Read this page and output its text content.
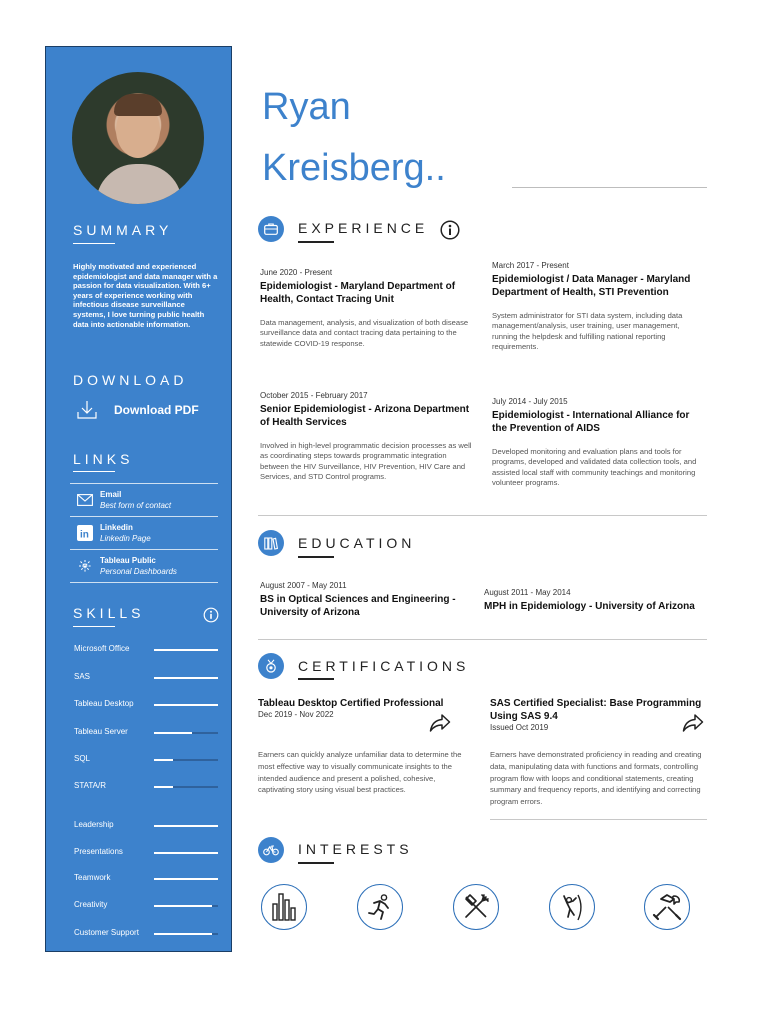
SUMMARY
Highly motivated and experienced epidemiologist and data manager with a passion for data visualization. With 6+ years of experience working with infectious disease surveillance systems, I love turning public health data into actionable information.
DOWNLOAD
Download PDF
LINKS
Email
Best form of contact
in
Linkedin
Linkedin Page
Tableau Public
Personal Dashboards
SKILLS
Microsoft Office
SAS
Tableau Desktop
Tableau Server
SQL
STATA/R
Leadership
Presentations
Teamwork
Creativity
Customer Support
Ryan
Kreisberg..
EXPERIENCE
June 2020 - Present
Epidemiologist - Maryland Department of Health, Contact Tracing Unit
Data management, analysis, and visualization of both disease surveillance data and contact tracing data pertaining to the statewide COVID-19 response.
March 2017 - Present
Epidemiologist / Data Manager - Maryland Department of Health, STI Prevention
System administrator for STI data system, including data management/analysis, user training, user management, running the helpdesk and fulfilling national reporting requirements.
October 2015 - February 2017
Senior Epidemiologist - Arizona Department of Health Services
Involved in high-level programmatic decision processes as well as coordinating steps towards programmatic integration between the HIV Surveillance, HIV Prevention, HIV Care and Services, and STD Control programs.
July 2014 - July 2015
Epidemiologist - International Alliance for the Prevention of AIDS
Developed monitoring and evaluation plans and tools for programs, developed and validated data collection tools, and assisted local staff with community teachings and monitoring volunteer programs.
EDUCATION
August 2007 - May 2011
BS in Optical Sciences and Engineering - University of Arizona
August 2011 - May 2014
MPH in Epidemiology - University of Arizona
CERTIFICATIONS
Tableau Desktop Certified Professional
Dec 2019 - Nov 2022
Earners can quickly analyze unfamiliar data to determine the most effective way to visually communicate insights to the intended audience and present a polished, cohesive, captivating story using visual best practices.
SAS Certified Specialist: Base Programming Using SAS 9.4
Issued Oct 2019
Earners have demonstrated proficiency in reading and creating data, manipulating data with functions and formats, controlling program flow with loops and conditional statements, creating summary and frequency reports, and identifying and correcting program errors.
INTERESTS
